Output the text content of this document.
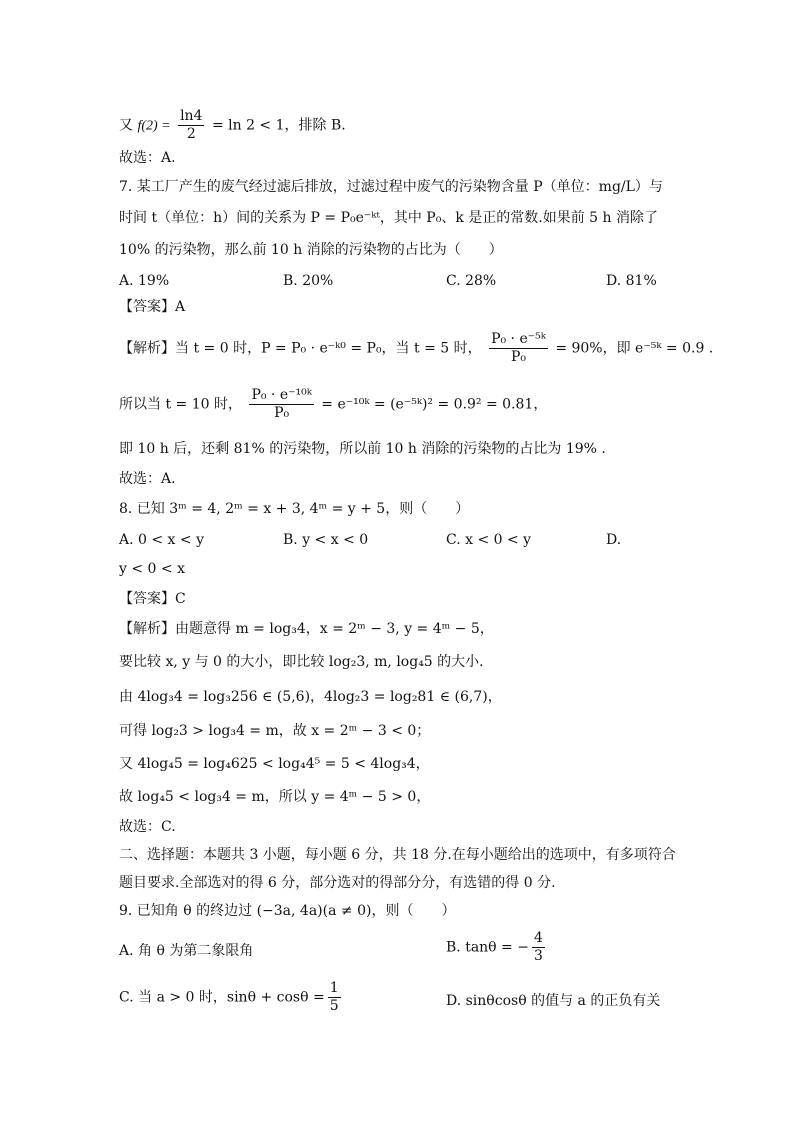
又 $f(2) = \frac{\ln 4}{2} = \ln 2 < 1$，排除 B.
故选：A.
7. 某工厂产生的废气经过滤后排放，过滤过程中废气的污染物含量 P（单位：mg/L）与
时间 t（单位：h）间的关系为 P = P₀e⁻ᵏᵗ，其中 P₀、k 是正的常数.如果前 5 h 消除了
10% 的污染物，那么前 10 h 消除的污染物的占比为（　　）
A. 19%	B. 20%	C. 28%	D. 81%
【答案】A
【解析】当 t = 0 时，P = P₀ · e⁻ᵏ⁰ = P₀，当 t = 5 时， $\frac{\text{P₀ · e⁻⁵ᵏ}}{\text{P₀}} = 90\%$，即 e⁻⁵ᵏ = 0.9 .
所以当 t = 10 时， $\frac{\text{P₀ · e⁻¹⁰ᵏ}}{\text{P₀}}$ = e⁻¹⁰ᵏ = (e⁻⁵ᵏ)² = 0.9² = 0.81，
即 10 h 后，还剩 81% 的污染物，所以前 10 h 消除的污染物的占比为 19% .
故选：A.
8. 已知 3ᵐ = 4, 2ᵐ = x + 3, 4ᵐ = y + 5，则（　　）
A. 0 < x < y	B. y < x < 0	C. x < 0 < y	D.
y < 0 < x
【答案】C
【解析】由题意得 m = log₃4，x = 2ᵐ − 3, y = 4ᵐ − 5，
要比较 x, y 与 0 的大小，即比较 log₂3, m, log₄5 的大小.
由 4log₃4 = log₃256 ∈ (5,6)，4log₂3 = log₂81 ∈ (6,7)，
可得 log₂3 > log₃4 = m，故 x = 2ᵐ − 3 < 0；
又 4log₄5 = log₄625 < log₄4⁵ = 5 < 4log₃4，
故 log₄5 < log₃4 = m，所以 y = 4ᵐ − 5 > 0，
故选：C.
二、选择题：本题共 3 小题，每小题 6 分，共 18 分.在每小题给出的选项中，有多项符合
题目要求.全部选对的得 6 分，部分选对的得部分分，有选错的得 0 分.
9. 已知角 θ 的终边过 (−3a, 4a)(a ≠ 0)，则（　　）
A. 角 θ 为第二象限角	B. tanθ = − $\frac{4}{3}$
C. 当 a > 0 时，$\sin\theta + \cos\theta = \frac{1}{5}$	D. sinθcosθ 的值与 a 的正负有关
